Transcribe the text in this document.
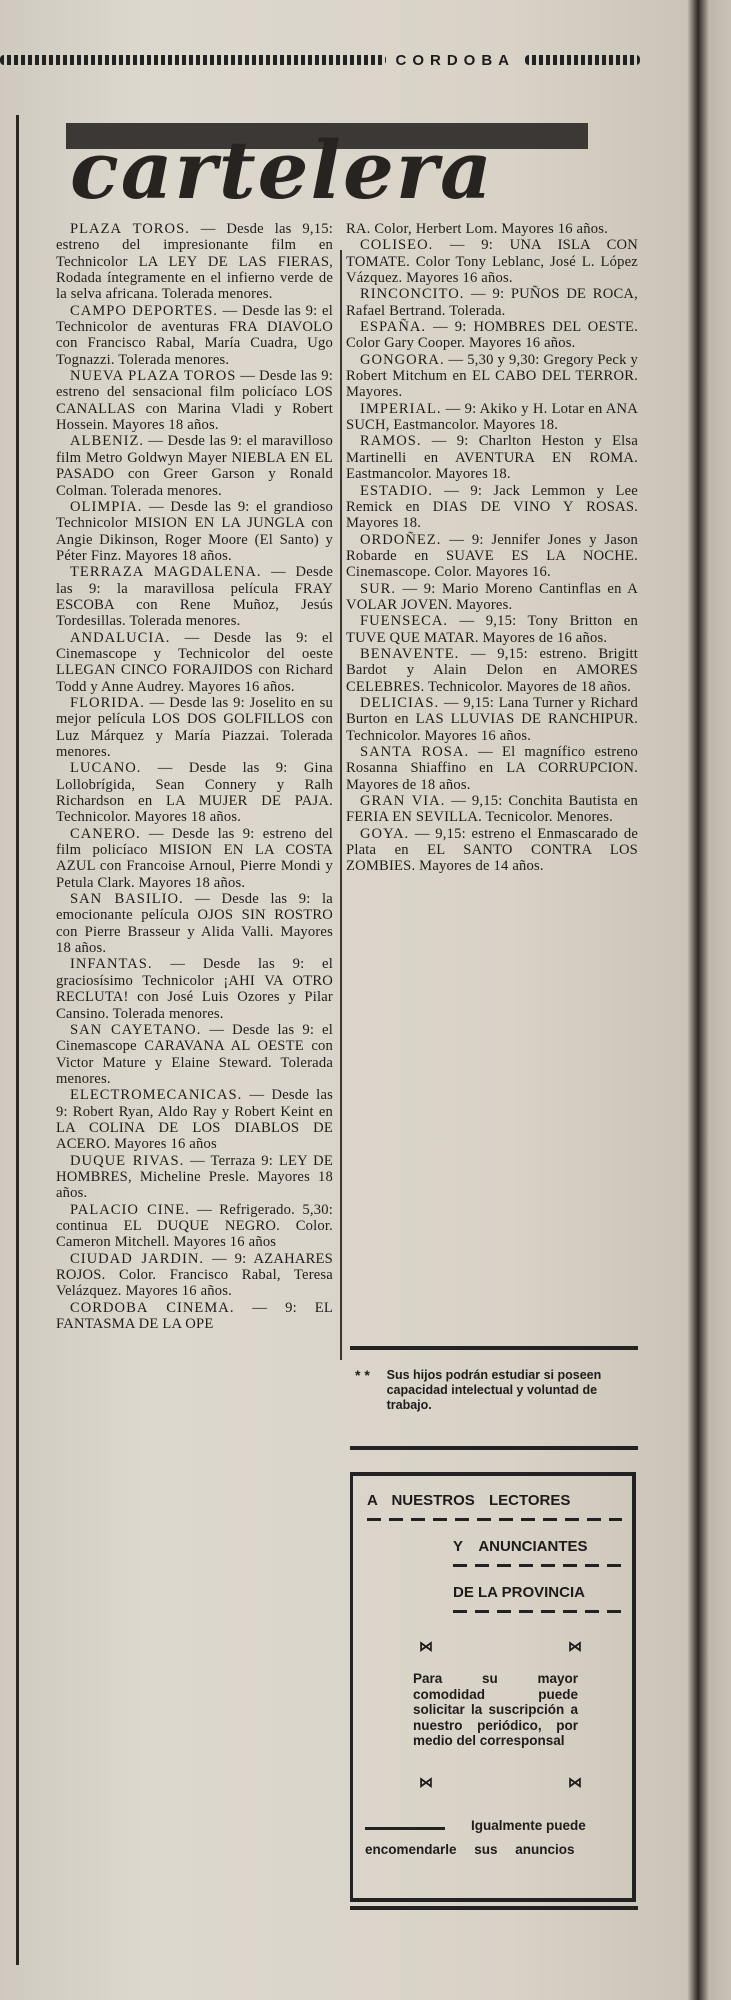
CORDOBA
cartelera

PLAZA TOROS. — Desde las 9,15: estreno del impresionante film en Technicolor LA LEY DE LAS FIERAS, Rodada íntegramente en el infierno verde de la selva africana. Tolerada menores.

CAMPO DEPORTES. — Desde las 9: el Technicolor de aventuras FRA DIAVOLO con Francisco Rabal, María Cuadra, Ugo Tognazzi. Tolerada menores.

NUEVA PLAZA TOROS — Desde las 9: estreno del sensacional film policíaco LOS CANALLAS con Marina Vladi y Robert Hossein. Mayores 18 años.

ALBENIZ. — Desde las 9: el maravilloso film Metro Goldwyn Mayer NIEBLA EN EL PASADO con Greer Garson y Ronald Colman. Tolerada menores.

OLIMPIA. — Desde las 9: el grandioso Technicolor MISION EN LA JUNGLA con Angie Dikinson, Roger Moore (El Santo) y Péter Finz. Mayores 18 años.

TERRAZA MAGDALENA. — Desde las 9: la maravillosa película FRAY ESCOBA con Rene Muñoz, Jesús Tordesillas. Tolerada menores.

ANDALUCIA. — Desde las 9: el Cinemascope y Technicolor del oeste LLEGAN CINCO FORAJIDOS con Richard Todd y Anne Audrey. Mayores 16 años.

FLORIDA. — Desde las 9: Joselito en su mejor película LOS DOS GOLFILLOS con Luz Márquez y María Piazzai. Tolerada menores.

LUCANO. — Desde las 9: Gina Lollobrígida, Sean Connery y Ralh Richardson en LA MUJER DE PAJA. Technicolor. Mayores 18 años.

CANERO. — Desde las 9: estreno del film policíaco MISION EN LA COSTA AZUL con Francoise Arnoul, Pierre Mondi y Petula Clark. Mayores 18 años.

SAN BASILIO. — Desde las 9: la emocionante película OJOS SIN ROSTRO con Pierre Brasseur y Alida Valli. Mayores 18 años.

INFANTAS. — Desde las 9: el graciosísimo Technicolor ¡AHI VA OTRO RECLUTA! con José Luis Ozores y Pilar Cansino. Tolerada menores.

SAN CAYETANO. — Desde las 9: el Cinemascope CARAVANA AL OESTE con Victor Mature y Elaine Steward. Tolerada menores.

ELECTROMECANICAS. — Desde las 9: Robert Ryan, Aldo Ray y Robert Keint en LA COLINA DE LOS DIABLOS DE ACERO. Mayores 16 años

DUQUE RIVAS. — Terraza 9: LEY DE HOMBRES, Micheline Presle. Mayores 18 años.

PALACIO CINE. — Refrigerado. 5,30: continua EL DUQUE NEGRO. Color. Cameron Mitchell. Mayores 16 años

CIUDAD JARDIN. — 9: AZAHARES ROJOS. Color. Francisco Rabal, Teresa Velázquez. Mayores 16 años.

CORDOBA CINEMA. — 9: EL FANTASMA DE LA OPE

RA. Color, Herbert Lom. Mayores 16 años.

COLISEO. — 9: UNA ISLA CON TOMATE. Color Tony Leblanc, José L. López Vázquez. Mayores 16 años.

RINCONCITO. — 9: PUÑOS DE ROCA, Rafael Bertrand. Tolerada.

ESPAÑA. — 9: HOMBRES DEL OESTE. Color Gary Cooper. Mayores 16 años.

GONGORA. — 5,30 y 9,30: Gregory Peck y Robert Mitchum en EL CABO DEL TERROR. Mayores.

IMPERIAL. — 9: Akiko y H. Lotar en ANA SUCH, Eastmancolor. Mayores 18.

RAMOS. — 9: Charlton Heston y Elsa Martinelli en AVENTURA EN ROMA. Eastmancolor. Mayores 18.

ESTADIO. — 9: Jack Lemmon y Lee Remick en DIAS DE VINO Y ROSAS. Mayores 18.

ORDOÑEZ. — 9: Jennifer Jones y Jason Robarde en SUAVE ES LA NOCHE. Cinemascope. Color. Mayores 16.

SUR. — 9: Mario Moreno Cantinflas en A VOLAR JOVEN. Mayores.

FUENSECA. — 9,15: Tony Britton en TUVE QUE MATAR. Mayores de 16 años.

BENAVENTE. — 9,15: estreno. Brigitt Bardot y Alain Delon en AMORES CELEBRES. Technicolor. Mayores de 18 años.

DELICIAS. — 9,15: Lana Turner y Richard Burton en LAS LLUVIAS DE RANCHIPUR. Technicolor. Mayores 16 años.

SANTA ROSA. — El magnífico estreno Rosanna Shiaffino en LA CORRUPCION. Mayores de 18 años.

GRAN VIA. — 9,15: Conchita Bautista en FERIA EN SEVILLA. Tecnicolor. Menores.

GOYA. — 9,15: estreno el Enmascarado de Plata en EL SANTO CONTRA LOS ZOMBIES. Mayores de 14 años.

* *	Sus hijos podrán estudiar si poseen capacidad intelectual y voluntad de trabajo.
A NUESTROS LECTORES
Y ANUNCIANTES
DE LA PROVINCIA
⋈	⋈
Para su mayor comodidad puede solicitar la suscripción a nuestro periódico, por medio del corresponsal
⋈	⋈
Igualmente puede
encomendarle sus anuncios
